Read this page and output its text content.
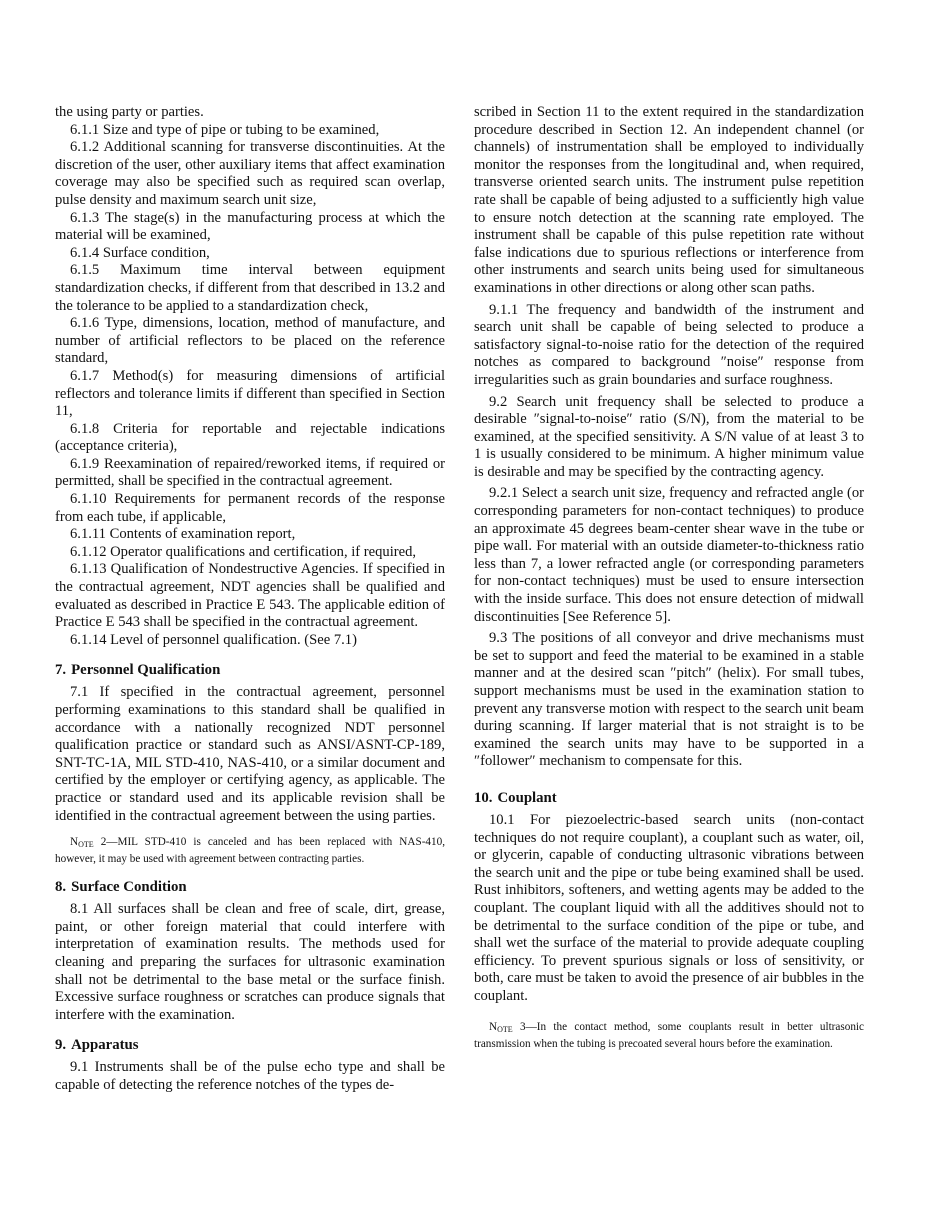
the using party or parties.

6.1.1 Size and type of pipe or tubing to be examined,

6.1.2 Additional scanning for transverse discontinuities. At the discretion of the user, other auxiliary items that affect examination coverage may also be specified such as required scan overlap, pulse density and maximum search unit size,

6.1.3 The stage(s) in the manufacturing process at which the material will be examined,

6.1.4 Surface condition,

6.1.5 Maximum time interval between equipment standardization checks, if different from that described in 13.2 and the tolerance to be applied to a standardization check,

6.1.6 Type, dimensions, location, method of manufacture, and number of artificial reflectors to be placed on the reference standard,

6.1.7 Method(s) for measuring dimensions of artificial reflectors and tolerance limits if different than specified in Section 11,

6.1.8 Criteria for reportable and rejectable indications (acceptance criteria),

6.1.9 Reexamination of repaired/reworked items, if required or permitted, shall be specified in the contractual agreement.

6.1.10 Requirements for permanent records of the response from each tube, if applicable,

6.1.11 Contents of examination report,

6.1.12 Operator qualifications and certification, if required,

6.1.13 Qualification of Nondestructive Agencies. If specified in the contractual agreement, NDT agencies shall be qualified and evaluated as described in Practice E 543. The applicable edition of Practice E 543 shall be specified in the contractual agreement.

6.1.14 Level of personnel qualification. (See 7.1)

7. Personnel Qualification

7.1 If specified in the contractual agreement, personnel performing examinations to this standard shall be qualified in accordance with a nationally recognized NDT personnel qualification practice or standard such as ANSI/ASNT-CP-189, SNT-TC-1A, MIL STD-410, NAS-410, or a similar document and certified by the employer or certifying agency, as applicable. The practice or standard used and its applicable revision shall be identified in the contractual agreement between the using parties.

$N_{OTE}$ 2—MIL STD-410 is canceled and has been replaced with NAS-410, however, it may be used with agreement between contracting parties.

8. Surface Condition

8.1 All surfaces shall be clean and free of scale, dirt, grease, paint, or other foreign material that could interfere with interpretation of examination results. The methods used for cleaning and preparing the surfaces for ultrasonic examination shall not be detrimental to the base metal or the surface finish. Excessive surface roughness or scratches can produce signals that interfere with the examination.

9. Apparatus

9.1 Instruments shall be of the pulse echo type and shall be capable of detecting the reference notches of the types de-

scribed in Section 11 to the extent required in the standardization procedure described in Section 12. An independent channel (or channels) of instrumentation shall be employed to individually monitor the responses from the longitudinal and, when required, transverse oriented search units. The instrument pulse repetition rate shall be capable of being adjusted to a sufficiently high value to ensure notch detection at the scanning rate employed. The instrument shall be capable of this pulse repetition rate without false indications due to spurious reflections or interference from other instruments and search units being used for simultaneous examinations in other directions or along other scan paths.

9.1.1 The frequency and bandwidth of the instrument and search unit shall be capable of being selected to produce a satisfactory signal-to-noise ratio for the detection of the required notches as compared to background ″noise″ response from irregularities such as grain boundaries and surface roughness.

9.2 Search unit frequency shall be selected to produce a desirable ″signal-to-noise″ ratio (S/N), from the material to be examined, at the specified sensitivity. A S/N value of at least 3 to 1 is usually considered to be minimum. A higher minimum value is desirable and may be specified by the contracting agency.

9.2.1 Select a search unit size, frequency and refracted angle (or corresponding parameters for non-contact techniques) to produce an approximate 45 degrees beam-center shear wave in the tube or pipe wall. For material with an outside diameter-to-thickness ratio less than 7, a lower refracted angle (or corresponding parameters for non-contact techniques) must be used to ensure intersection with the inside surface. This does not ensure detection of midwall discontinuities [See Reference 5].

9.3 The positions of all conveyor and drive mechanisms must be set to support and feed the material to be examined in a stable manner and at the desired scan ″pitch″ (helix). For small tubes, support mechanisms must be used in the examination station to prevent any transverse motion with respect to the search unit beam during scanning. If larger material that is not straight is to be examined the search units may have to be supported in a ″follower″ mechanism to compensate for this.

10. Couplant

10.1 For piezoelectric-based search units (non-contact techniques do not require couplant), a couplant such as water, oil, or glycerin, capable of conducting ultrasonic vibrations between the search unit and the pipe or tube being examined shall be used. Rust inhibitors, softeners, and wetting agents may be added to the couplant. The couplant liquid with all the additives should not to be detrimental to the surface condition of the pipe or tube, and shall wet the surface of the material to provide adequate coupling efficiency. To prevent spurious signals or loss of sensitivity, or both, care must be taken to avoid the presence of air bubbles in the couplant.

$N_{OTE}$ 3—In the contact method, some couplants result in better ultrasonic transmission when the tubing is precoated several hours before the examination.
